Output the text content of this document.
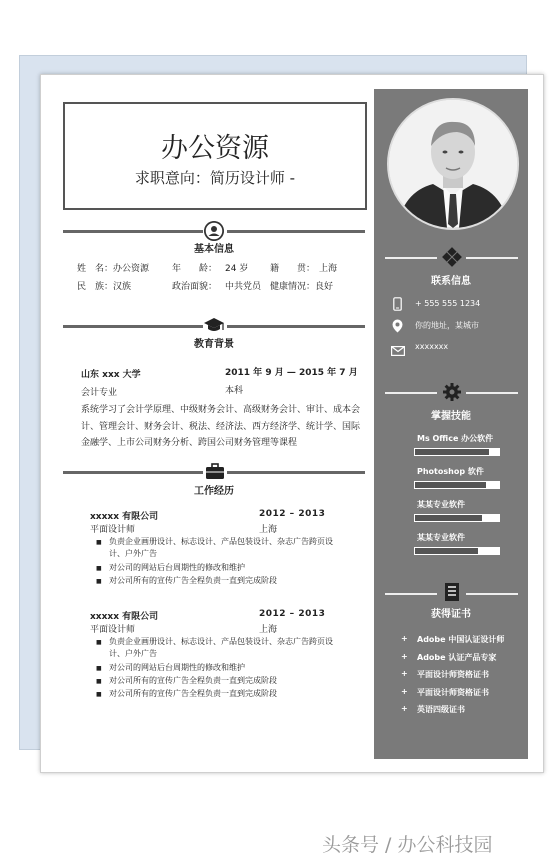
办公资源
求职意向：简历设计师 -
基本信息
姓　名： 办公资源	年　　龄： 24 岁 籍　　贯： 上海
民　族： 汉族	政治面貌： 中共党员 健康情况： 良好
教育背景
山东 xxx 大学	2011 年 9 月 — 2015 年 7 月
会计专业	本科
系统学习了会计学原理、中级财务会计、高级财务会计、审计、成本会计、管理会计、财务会计、税法、经济法、西方经济学、统计学、国际金融学、上市公司财务分析、跨国公司财务管理等课程
工作经历
xxxxx 有限公司	2012 – 2013
平面设计师	上海
■ 负责企业画册设计、标志设计、产品包装设计、杂志广告跨页设计、户外广告
■ 对公司的网站后台周期性的修改和维护
■ 对公司所有的宣传广告全程负责一直到完成阶段
xxxxx 有限公司	2012 – 2013
平面设计师	上海
■ 负责企业画册设计、标志设计、产品包装设计、杂志广告跨页设计、户外广告
■ 对公司的网站后台周期性的修改和维护
■ 对公司所有的宣传广告全程负责一直到完成阶段
■ 对公司所有的宣传广告全程负责一直到完成阶段
联系信息
+ 555 555 1234
你的地址，某城市
xxxxxxx
掌握技能
Ms Office 办公软件
Photoshop 软件
某某专业软件
某某专业软件
获得证书
+ Adobe 中国认证设计师
+ Adobe 认证产品专家
+ 平面设计师资格证书
+ 平面设计师资格证书
+ 英语四级证书
头条号 / 办公科技园
